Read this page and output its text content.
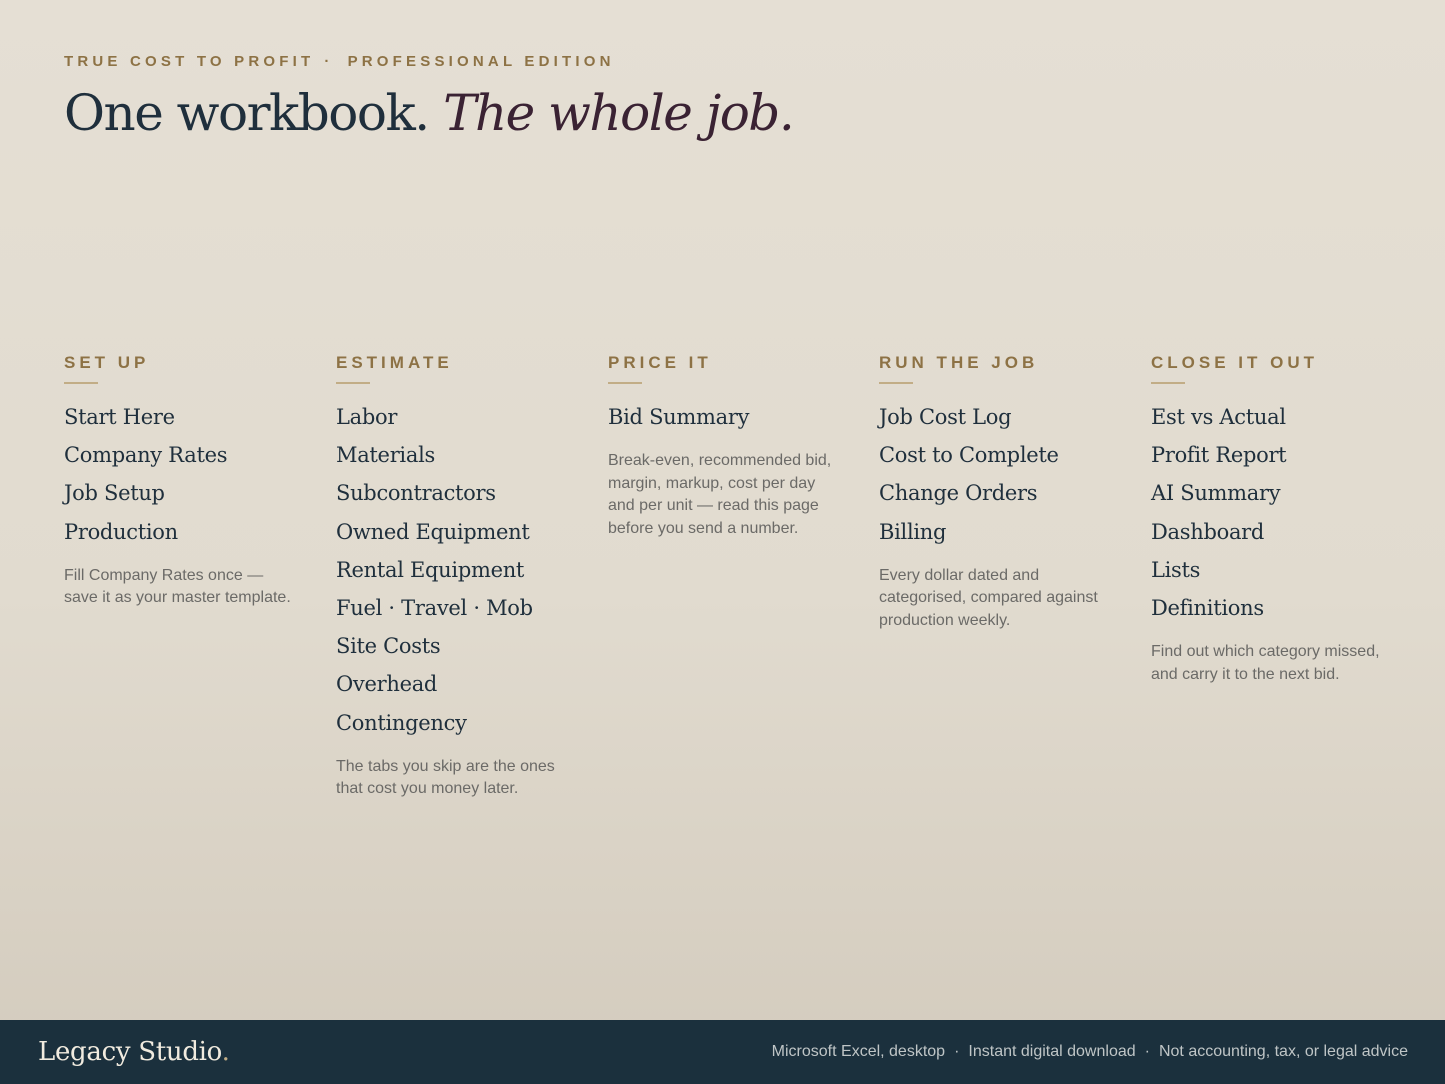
TRUE COST TO PROFIT · PROFESSIONAL EDITION
One workbook. The whole job.
SET UP
Start Here
Company Rates
Job Setup
Production
Fill Company Rates once — save it as your master template.
ESTIMATE
Labor
Materials
Subcontractors
Owned Equipment
Rental Equipment
Fuel · Travel · Mob
Site Costs
Overhead
Contingency
The tabs you skip are the ones that cost you money later.
PRICE IT
Bid Summary
Break-even, recommended bid, margin, markup, cost per day and per unit — read this page before you send a number.
RUN THE JOB
Job Cost Log
Cost to Complete
Change Orders
Billing
Every dollar dated and categorised, compared against production weekly.
CLOSE IT OUT
Est vs Actual
Profit Report
AI Summary
Dashboard
Lists
Definitions
Find out which category missed, and carry it to the next bid.
Legacy Studio.	Microsoft Excel, desktop · Instant digital download · Not accounting, tax, or legal advice
